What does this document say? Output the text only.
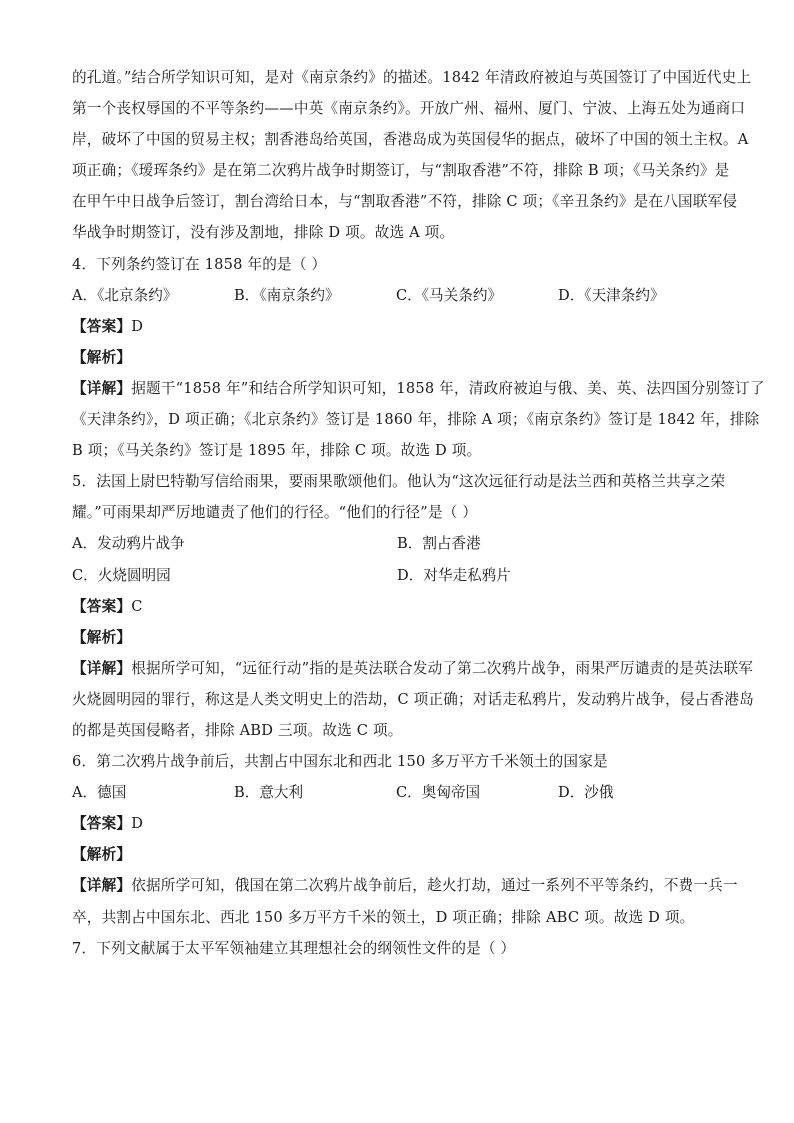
的孔道。”结合所学知识可知，是对《南京条约》的描述。1842 年清政府被迫与英国签订了中国近代史上
第一个丧权辱国的不平等条约——中英《南京条约》。开放广州、福州、厦门、宁波、上海五处为通商口
岸，破坏了中国的贸易主权；割香港岛给英国，香港岛成为英国侵华的据点，破坏了中国的领土主权。A
项正确；《瑷珲条约》是在第二次鸦片战争时期签订，与“割取香港”不符，排除 B 项；《马关条约》是
在甲午中日战争后签订，割台湾给日本，与“割取香港”不符，排除 C 项；《辛丑条约》是在八国联军侵
华战争时期签订，没有涉及割地，排除 D 项。故选 A 项。
4．下列条约签订在 1858 年的是（ ）
A．《北京条约》	B．《南京条约》	C．《马关条约》	D．《天津条约》
【答案】D
【解析】
【详解】据题干“1858 年”和结合所学知识可知，1858 年，清政府被迫与俄、美、英、法四国分别签订了
《天津条约》，D 项正确；《北京条约》签订是 1860 年，排除 A 项；《南京条约》签订是 1842 年，排除
B 项；《马关条约》签订是 1895 年，排除 C 项。故选 D 项。
5．法国上尉巴特勒写信给雨果，要雨果歌颂他们。他认为“这次远征行动是法兰西和英格兰共享之荣
耀。”可雨果却严厉地谴责了他们的行径。“他们的行径”是（ ）
A．发动鸦片战争	B．割占香港
C．火烧圆明园	D．对华走私鸦片
【答案】C
【解析】
【详解】根据所学可知，“远征行动”指的是英法联合发动了第二次鸦片战争，雨果严厉谴责的是英法联军
火烧圆明园的罪行，称这是人类文明史上的浩劫，C 项正确；对话走私鸦片，发动鸦片战争，侵占香港岛
的都是英国侵略者，排除 ABD 三项。故选 C 项。
6．第二次鸦片战争前后，共割占中国东北和西北 150 多万平方千米领土的国家是
A．德国	B．意大利	C．奥匈帝国	D．沙俄
【答案】D
【解析】
【详解】依据所学可知，俄国在第二次鸦片战争前后，趁火打劫，通过一系列不平等条约，不费一兵一
卒，共割占中国东北、西北 150 多万平方千米的领土，D 项正确；排除 ABC 项。故选 D 项。
7．下列文献属于太平军领袖建立其理想社会的纲领性文件的是（ ）
